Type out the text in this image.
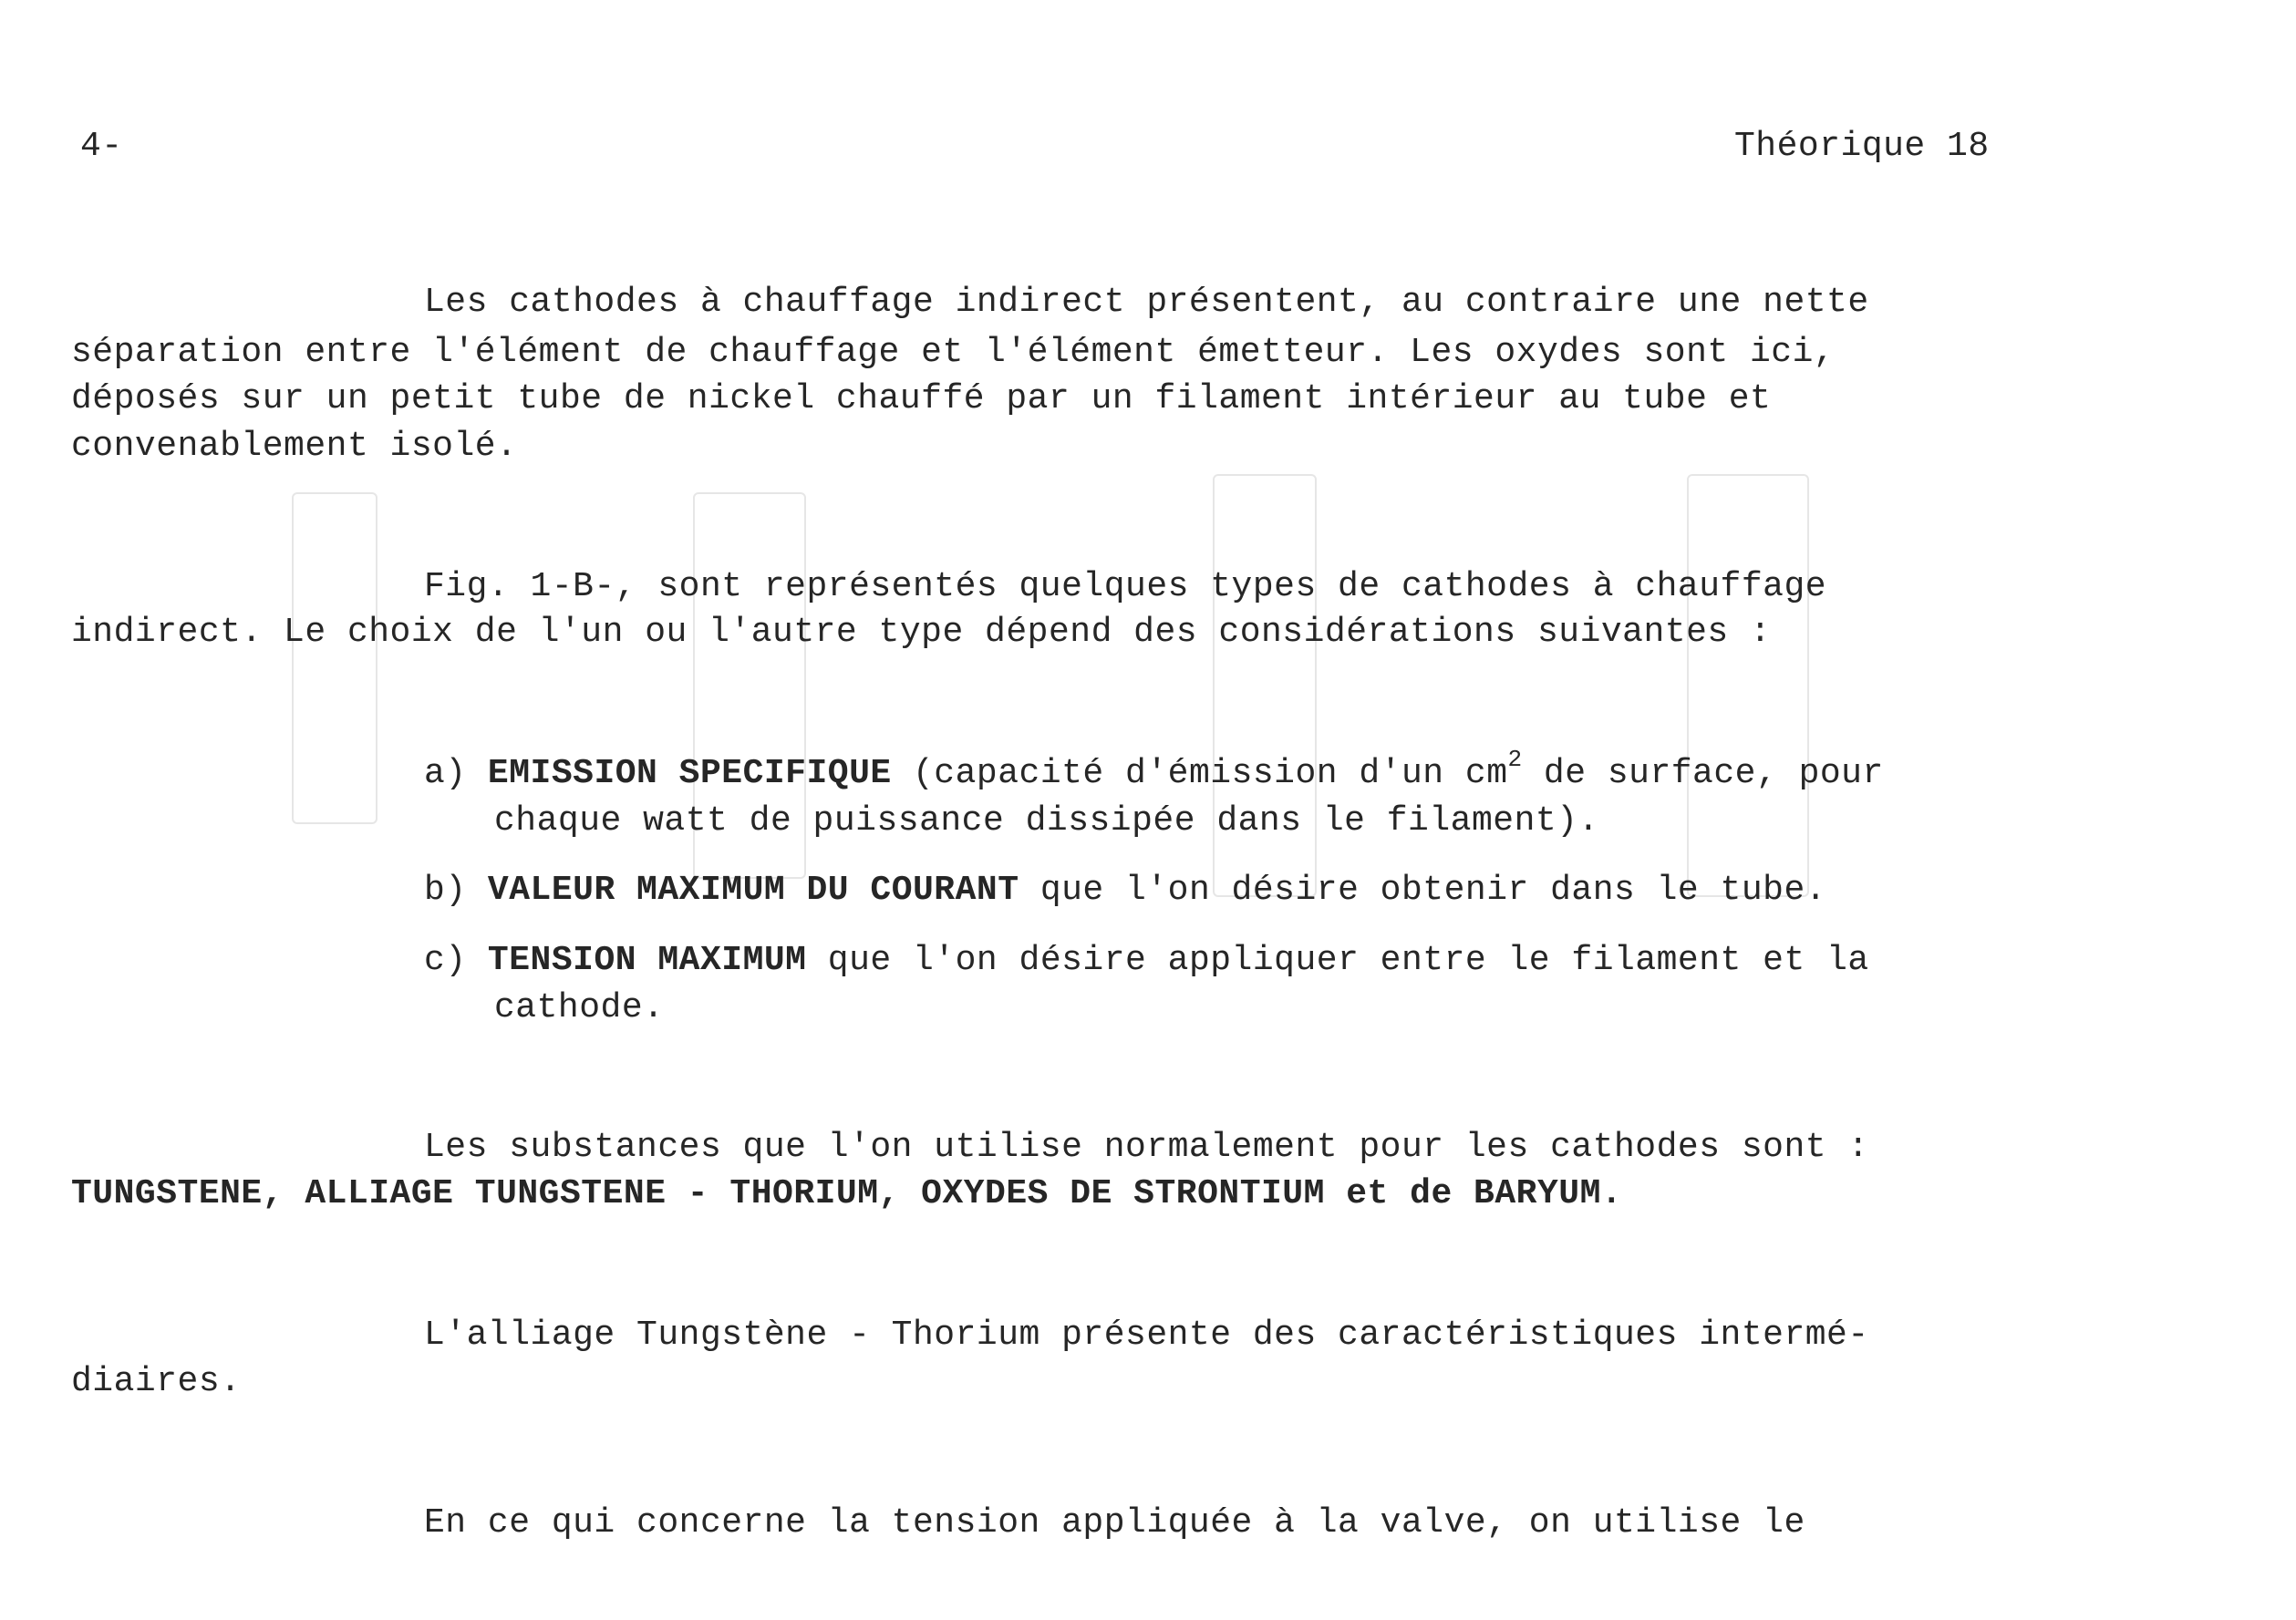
4-	Théorique 18
Les cathodes à chauffage indirect présentent, au contraire une nette
séparation entre l'élément de chauffage et l'élément émetteur. Les oxydes sont ici,
déposés sur un petit tube de nickel chauffé par un filament intérieur au tube et
convenablement isolé.
Fig. 1-B-, sont représentés quelques types de cathodes à chauffage
indirect. Le choix de l'un ou l'autre type dépend des considérations suivantes :
a) EMISSION SPECIFIQUE (capacité d'émission d'un $cm^2$ de surface, pour
chaque watt de puissance dissipée dans le filament).
b) VALEUR MAXIMUM DU COURANT que l'on désire obtenir dans le tube.
c) TENSION MAXIMUM que l'on désire appliquer entre le filament et la
cathode.
Les substances que l'on utilise normalement pour les cathodes sont :
TUNGSTENE, ALLIAGE TUNGSTENE - THORIUM, OXYDES DE STRONTIUM et de BARYUM.
L'alliage Tungstène - Thorium présente des caractéristiques intermé-
diaires.
En ce qui concerne la tension appliquée à la valve, on utilise le
